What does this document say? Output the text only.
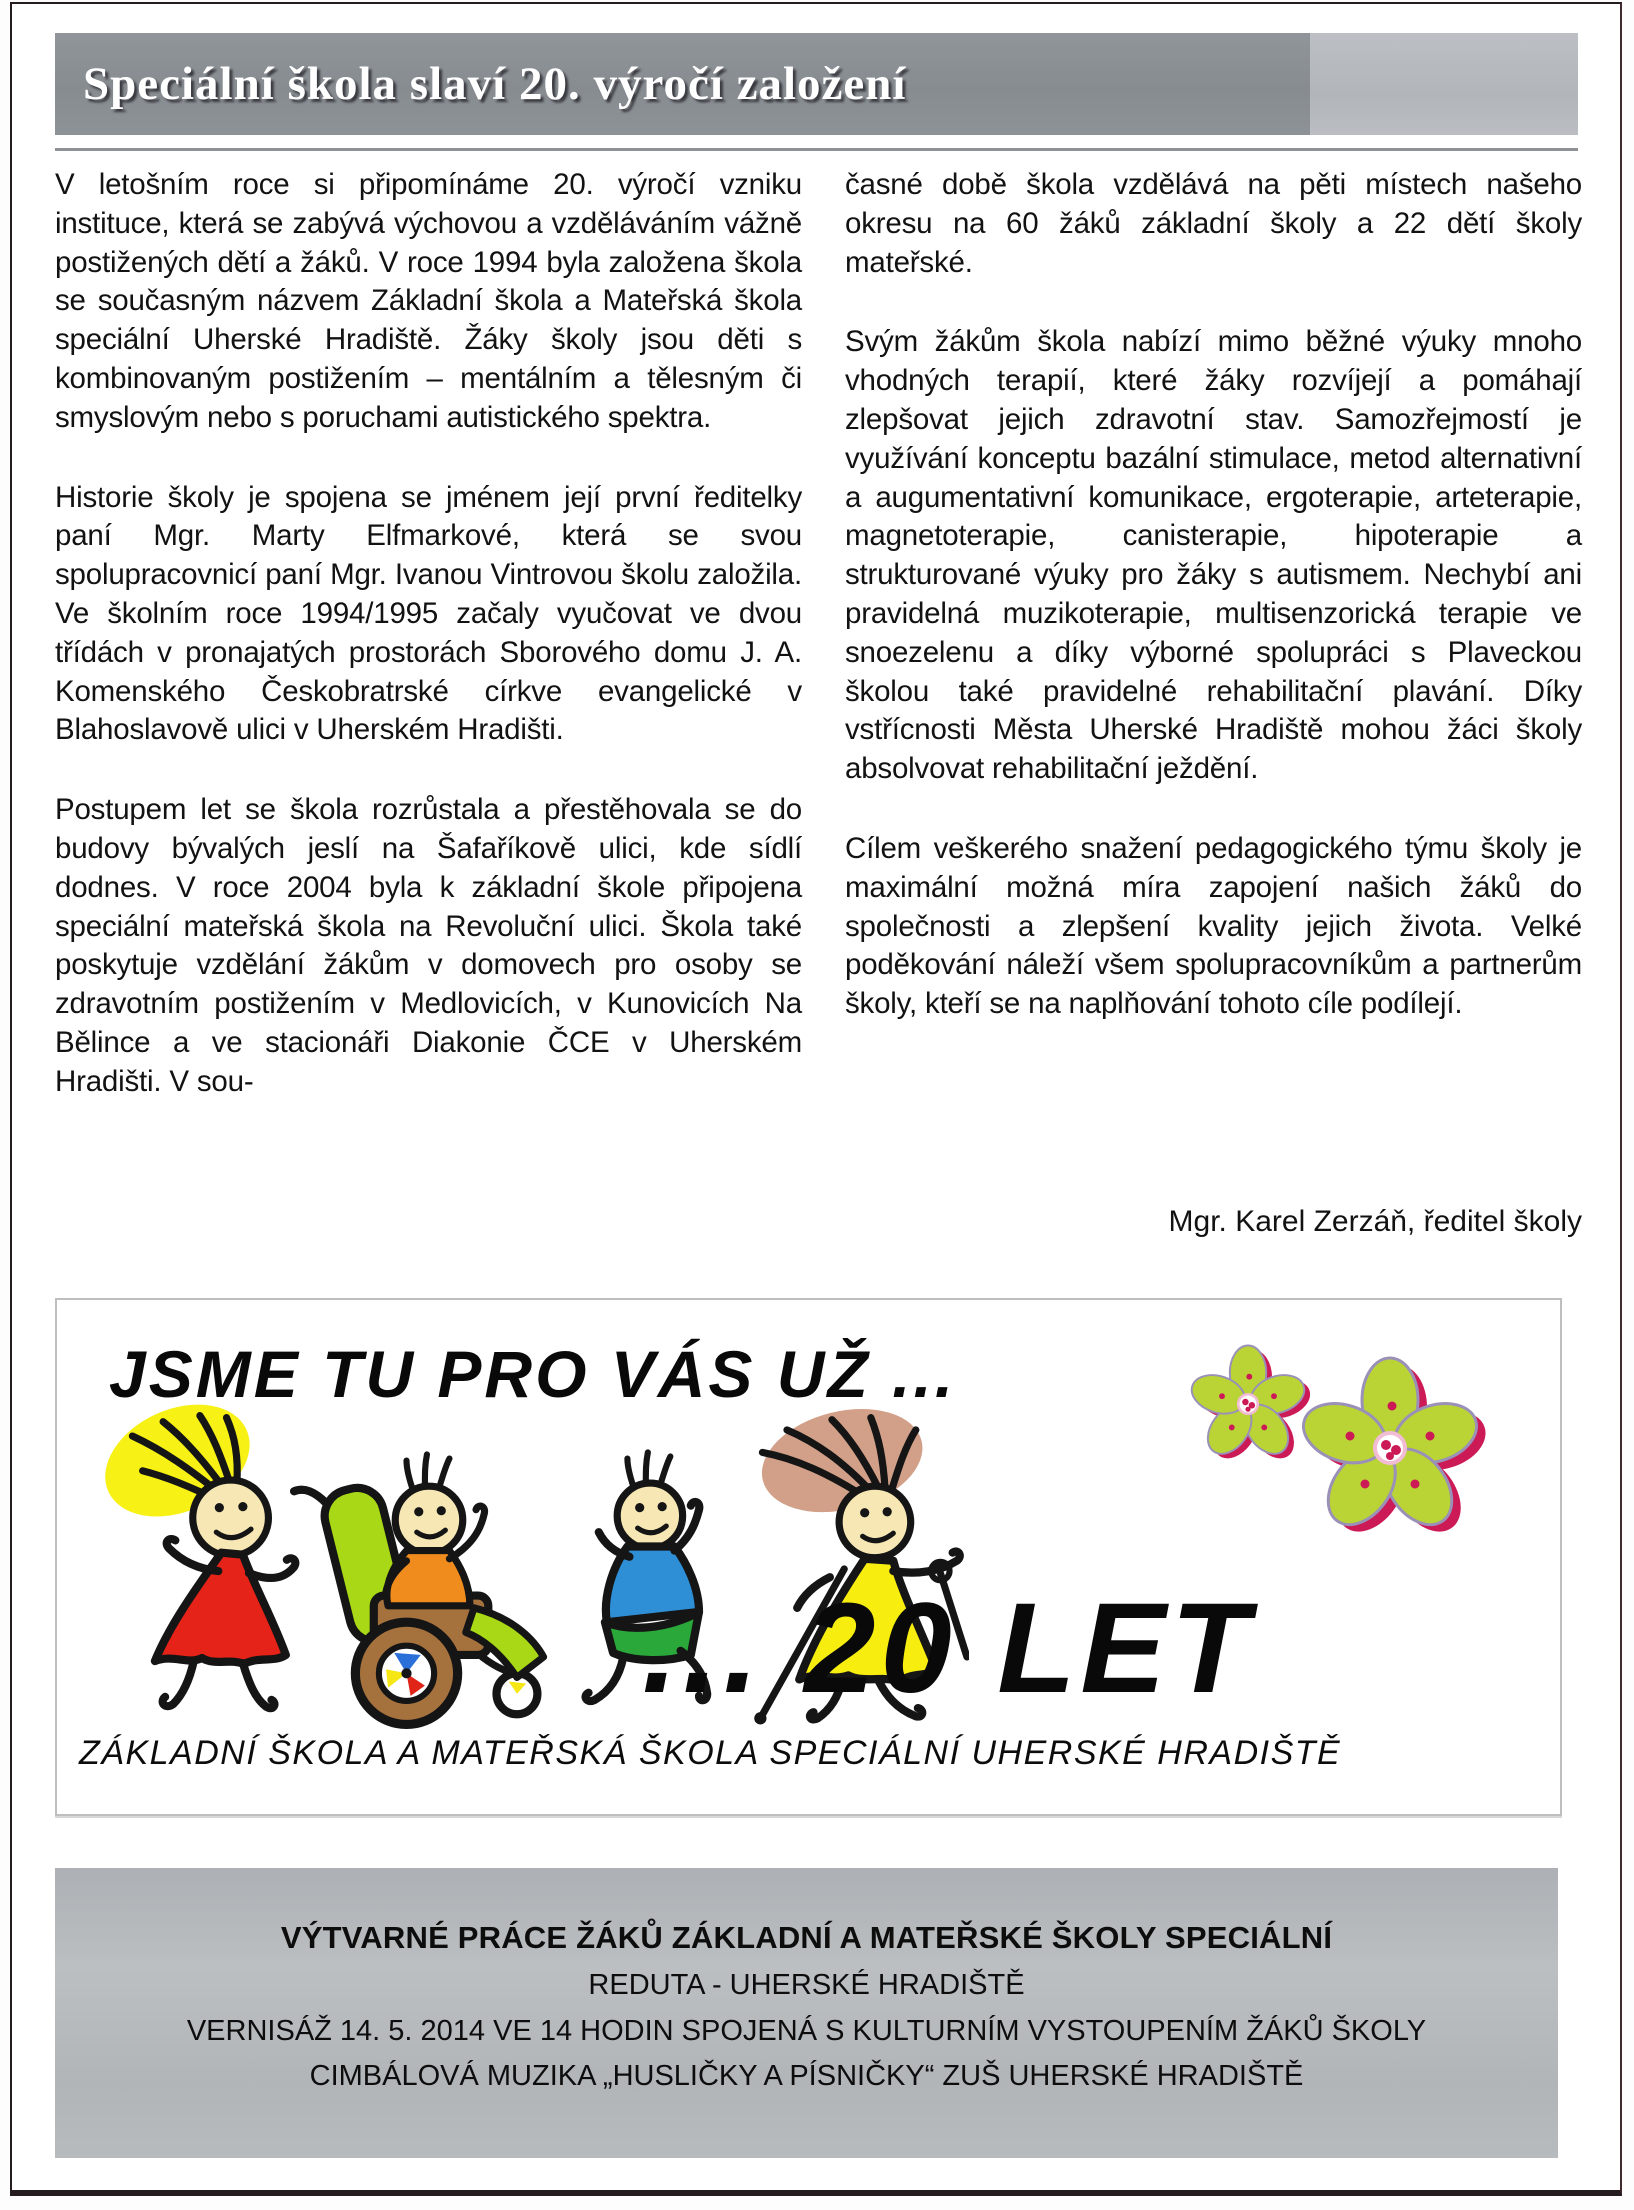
Speciální škola slaví 20. výročí založení

V letošním roce si připomínáme 20. výročí vzniku instituce, která se zabývá výchovou a vzděláváním vážně postižených dětí a žáků. V roce 1994 byla založena škola se současným názvem Základní škola a Mateřská škola speciální Uherské Hradiště. Žáky školy jsou děti s kombinovaným postižením – mentálním a tělesným či smyslovým nebo s poruchami autistického spektra.

Historie školy je spojena se jménem její první ředitelky paní Mgr. Marty Elfmarkové, která se svou spolupracovnicí paní Mgr. Ivanou Vintrovou školu založila. Ve školním roce 1994/1995 začaly vyučovat ve dvou třídách v pronajatých prostorách Sborového domu J. A. Komenského Českobratrské církve evangelické v Blahoslavově ulici v Uherském Hradišti.

Postupem let se škola rozrůstala a přestěhovala se do budovy bývalých jeslí na Šafaříkově ulici, kde sídlí dodnes. V roce 2004 byla k základní škole připojena speciální mateřská škola na Revoluční ulici. Škola také poskytuje vzdělání žákům v domovech pro osoby se zdravotním postižením v Medlovicích, v Kunovicích Na Bělince a ve stacionáři Diakonie ČCE v Uherském Hradišti. V sou-

časné době škola vzdělává na pěti místech našeho okresu na 60 žáků základní školy a 22 dětí školy mateřské.

Svým žákům škola nabízí mimo běžné výuky mnoho vhodných terapií, které žáky rozvíjejí a pomáhají zlepšovat jejich zdravotní stav. Samozřejmostí je využívání konceptu bazální stimulace, metod alternativní a augumentativní komunikace, ergoterapie, arteterapie, magnetoterapie, canisterapie, hipoterapie a strukturované výuky pro žáky s autismem. Nechybí ani pravidelná muzikoterapie, multisenzorická terapie ve snoezelenu a díky výborné spolupráci s Plaveckou školou také pravidelné rehabilitační plavání. Díky vstřícnosti Města Uherské Hradiště mohou žáci školy absolvovat rehabilitační ježdění.

Cílem veškerého snažení pedagogického týmu školy je maximální možná míra zapojení našich žáků do společnosti a zlepšení kvality jejich života. Velké poděkování náleží všem spolupracovníkům a partnerům školy, kteří se na naplňování tohoto cíle podílejí.

Mgr. Karel Zerzáň, ředitel školy
JSME TU PRO VÁS UŽ ...
... 20 LET
ZÁKLADNÍ ŠKOLA A MATEŘSKÁ ŠKOLA SPECIÁLNÍ UHERSKÉ HRADIŠTĚ
VÝTVARNÉ PRÁCE ŽÁKŮ ZÁKLADNÍ A MATEŘSKÉ ŠKOLY SPECIÁLNÍ
REDUTA - UHERSKÉ HRADIŠTĚ
VERNISÁŽ 14. 5. 2014 VE 14 HODIN SPOJENÁ S KULTURNÍM VYSTOUPENÍM ŽÁKŮ ŠKOLY
CIMBÁLOVÁ MUZIKA „HUSLIČKY A PÍSNIČKY“ ZUŠ UHERSKÉ HRADIŠTĚ
